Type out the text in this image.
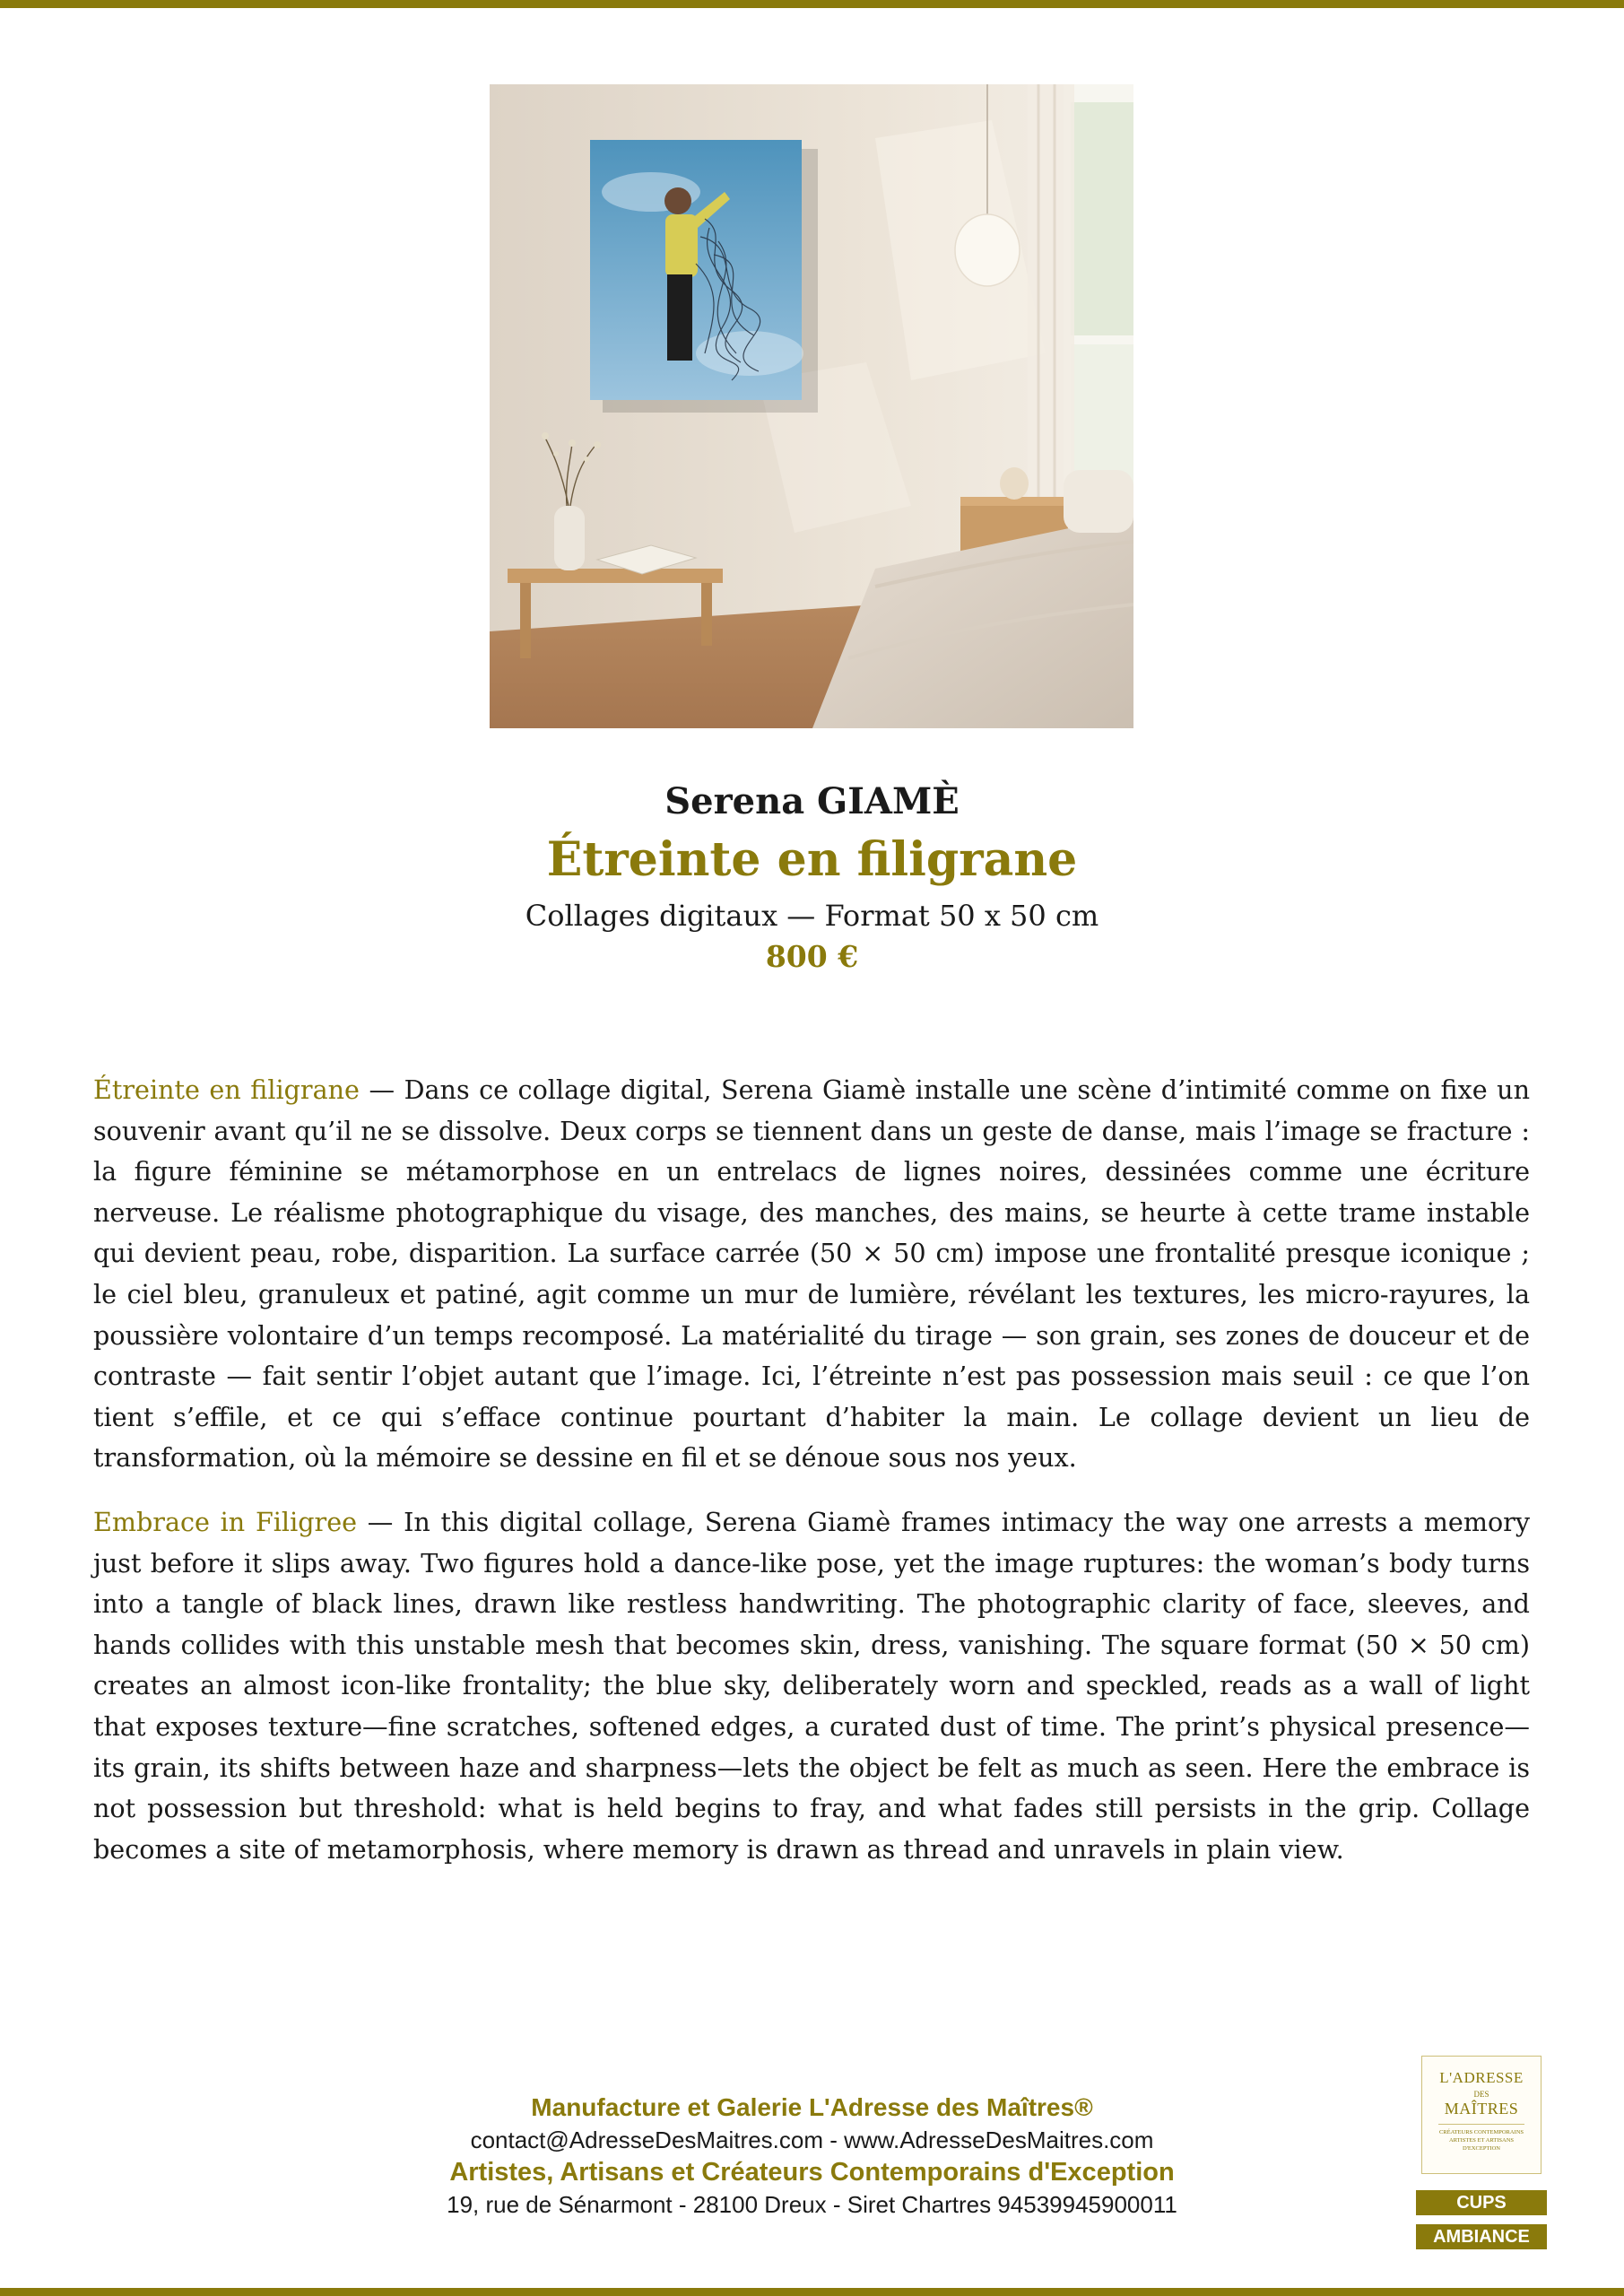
Serena GIAMÈ
Étreinte en filigrane
Collages digitaux — Format 50 x 50 cm
800 €

Étreinte en filigrane — Dans ce collage digital, Serena Giamè installe une scène d’intimité comme on fixe un souvenir avant qu’il ne se dissolve. Deux corps se tiennent dans un geste de danse, mais l’image se fracture : la figure féminine se métamorphose en un entrelacs de lignes noires, dessinées comme une écriture nerveuse. Le réalisme photographique du visage, des manches, des mains, se heurte à cette trame instable qui devient peau, robe, disparition. La surface carrée (50 × 50 cm) impose une frontalité presque iconique ; le ciel bleu, granuleux et patiné, agit comme un mur de lumière, révélant les textures, les micro-rayures, la poussière volontaire d’un temps recomposé. La matérialité du tirage — son grain, ses zones de douceur et de contraste — fait sentir l’objet autant que l’image. Ici, l’étreinte n’est pas possession mais seuil : ce que l’on tient s’effile, et ce qui s’efface continue pourtant d’habiter la main. Le collage devient un lieu de transformation, où la mémoire se dessine en fil et se dénoue sous nos yeux.

Embrace in Filigree — In this digital collage, Serena Giamè frames intimacy the way one arrests a memory just before it slips away. Two figures hold a dance-like pose, yet the image ruptures: the woman’s body turns into a tangle of black lines, drawn like restless handwriting. The photographic clarity of face, sleeves, and hands collides with this unstable mesh that becomes skin, dress, vanishing. The square format (50 × 50 cm) creates an almost icon-like frontality; the blue sky, deliberately worn and speckled, reads as a wall of light that exposes texture—fine scratches, softened edges, a curated dust of time. The print’s physical presence—its grain, its shifts between haze and sharpness—lets the object be felt as much as seen. Here the embrace is not possession but threshold: what is held begins to fray, and what fades still persists in the grip. Collage becomes a site of metamorphosis, where memory is drawn as thread and unravels in plain view.

Manufacture et Galerie L'Adresse des Maîtres®
contact@AdresseDesMaitres.com - www.AdresseDesMaitres.com
Artistes, Artisans et Créateurs Contemporains d'Exception
19, rue de Sénarmont - 28100 Dreux - Siret Chartres 94539945900011
L'ADRESSE
DES
MAÎTRES
CRÉATEURS CONTEMPORAINS ARTISTES ET ARTISANS D'EXCEPTION
CUPS
AMBIANCE
